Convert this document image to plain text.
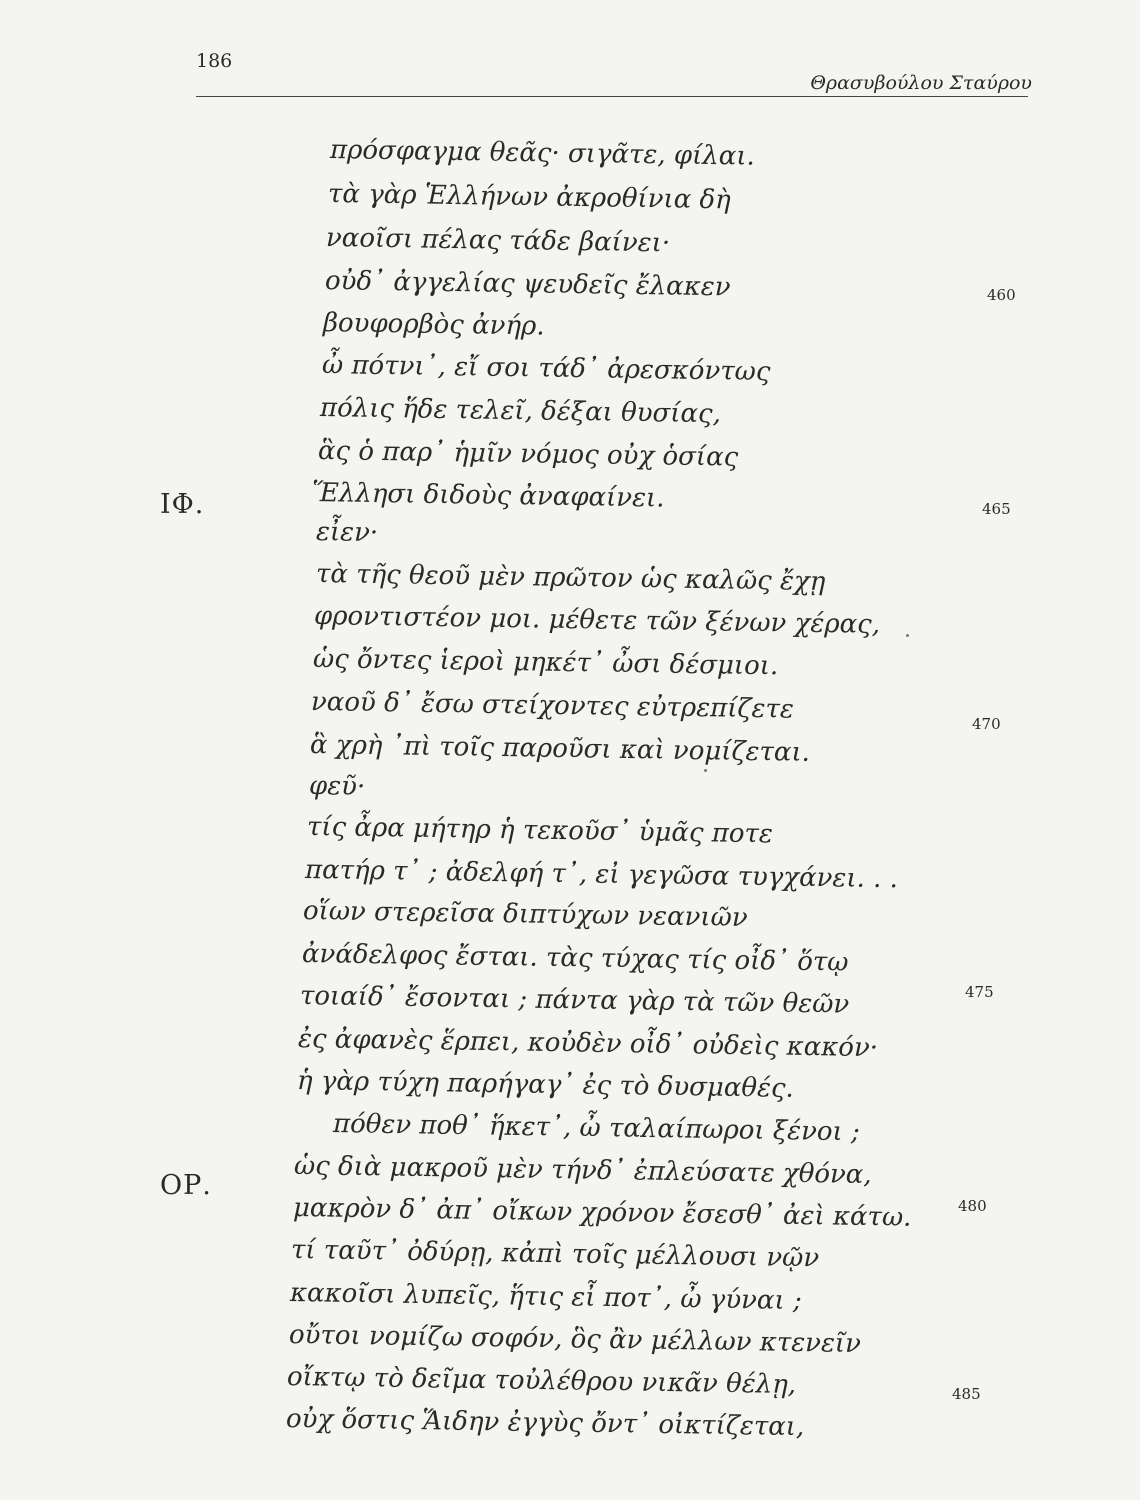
186
Θρασυβούλου Σταύρου
ΙΦ.
ΟΡ.
πρόσφαγμα θεᾶς· σιγᾶτε, φίλαι.
τὰ γὰρ Ἑλλήνων ἀκροθίνια δὴ
ναοῖσι πέλας τάδε βαίνει·
οὐδ᾽ ἀγγελίας ψευδεῖς ἔλακεν
βουφορβὸς ἀνήρ.
ὦ πότνι᾽, εἴ σοι τάδ᾽ ἀρεσκόντως
πόλις ἥδε τελεῖ, δέξαι θυσίας,
ἃς ὁ παρ᾽ ἡμῖν νόμος οὐχ ὁσίας
Ἕλλησι διδοὺς ἀναφαίνει.
εἶεν·
τὰ τῆς θεοῦ μὲν πρῶτον ὡς καλῶς ἔχῃ
φροντιστέον μοι. μέθετε τῶν ξένων χέρας,
ὡς ὄντες ἱεροὶ μηκέτ᾽ ὦσι δέσμιοι.
ναοῦ δ᾽ ἔσω στείχοντες εὐτρεπίζετε
ἃ χρὴ ᾽πὶ τοῖς παροῦσι καὶ νομίζεται.
φεῦ·
τίς ἆρα μήτηρ ἡ τεκοῦσ᾽ ὑμᾶς ποτε
πατήρ τ᾽ ; ἀδελφή τ᾽, εἰ γεγῶσα τυγχάνει. . .
οἵων στερεῖσα διπτύχων νεανιῶν
ἀνάδελφος ἔσται. τὰς τύχας τίς οἶδ᾽ ὅτῳ
τοιαίδ᾽ ἔσονται ; πάντα γὰρ τὰ τῶν θεῶν
ἐς ἀφανὲς ἕρπει, κοὐδὲν οἶδ᾽ οὐδεὶς κακόν·
ἡ γὰρ τύχη παρήγαγ᾽ ἐς τὸ δυσμαθές.
πόθεν ποθ᾽ ἥκετ᾽, ὦ ταλαίπωροι ξένοι ;
ὡς διὰ μακροῦ μὲν τήνδ᾽ ἐπλεύσατε χθόνα,
μακρὸν δ᾽ ἀπ᾽ οἴκων χρόνον ἔσεσθ᾽ ἀεὶ κάτω.
τί ταῦτ᾽ ὀδύρῃ, κἀπὶ τοῖς μέλλουσι νῷν
κακοῖσι λυπεῖς, ἥτις εἶ ποτ᾽, ὦ γύναι ;
οὔτοι νομίζω σοφόν, ὃς ἂν μέλλων κτενεῖν
οἴκτῳ τὸ δεῖμα τοὐλέθρου νικᾶν θέλῃ,
οὐχ ὅστις Ἅιδην ἐγγὺς ὄντ᾽ οἰκτίζεται,
460
465
470
475
480
485
